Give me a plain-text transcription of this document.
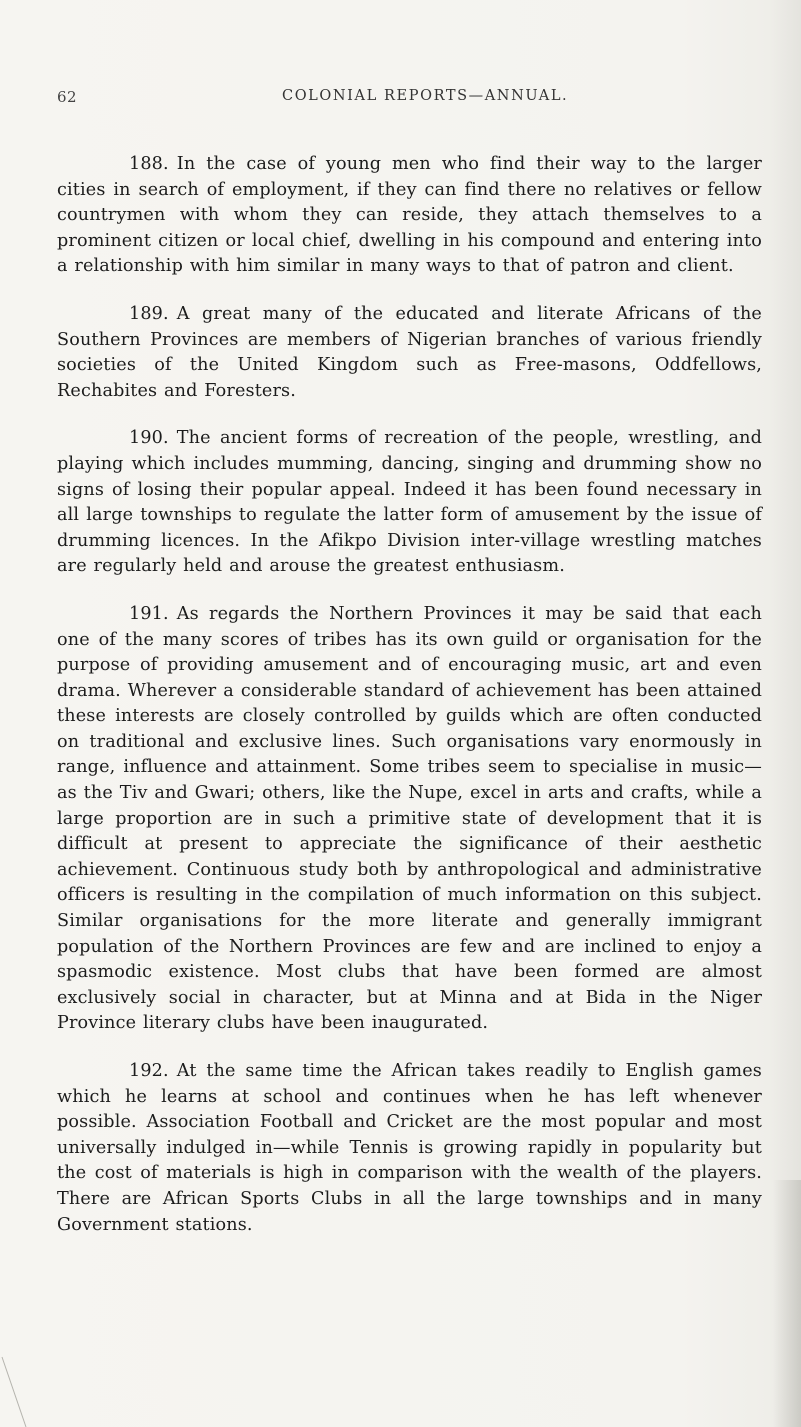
62	COLONIAL REPORTS—ANNUAL.

188. In the case of young men who find their way to the larger cities in search of employment, if they can find there no relatives or fellow countrymen with whom they can reside, they attach themselves to a prominent citizen or local chief, dwelling in his compound and entering into a relationship with him similar in many ways to that of patron and client.

189. A great many of the educated and literate Africans of the Southern Provinces are members of Nigerian branches of various friendly societies of the United Kingdom such as Free-masons, Oddfellows, Rechabites and Foresters.

190. The ancient forms of recreation of the people, wrestling, and playing which includes mumming, dancing, singing and drumming show no signs of losing their popular appeal. Indeed it has been found necessary in all large townships to regulate the latter form of amusement by the issue of drumming licences. In the Afikpo Division inter-village wrestling matches are regularly held and arouse the greatest enthusiasm.

191. As regards the Northern Provinces it may be said that each one of the many scores of tribes has its own guild or organisation for the purpose of providing amusement and of encouraging music, art and even drama. Wherever a considerable standard of achievement has been attained these interests are closely controlled by guilds which are often conducted on traditional and exclusive lines. Such organisations vary enormously in range, influence and attainment. Some tribes seem to specialise in music—as the Tiv and Gwari; others, like the Nupe, excel in arts and crafts, while a large proportion are in such a primitive state of development that it is difficult at present to appreciate the significance of their aesthetic achievement. Continuous study both by anthropological and administrative officers is resulting in the compilation of much information on this subject. Similar organisations for the more literate and generally immigrant population of the Northern Provinces are few and are inclined to enjoy a spasmodic existence. Most clubs that have been formed are almost exclusively social in character, but at Minna and at Bida in the Niger Province literary clubs have been inaugurated.

192. At the same time the African takes readily to English games which he learns at school and continues when he has left whenever possible. Association Football and Cricket are the most popular and most universally indulged in—while Tennis is growing rapidly in popularity but the cost of materials is high in comparison with the wealth of the players. There are African Sports Clubs in all the large townships and in many Government stations.
